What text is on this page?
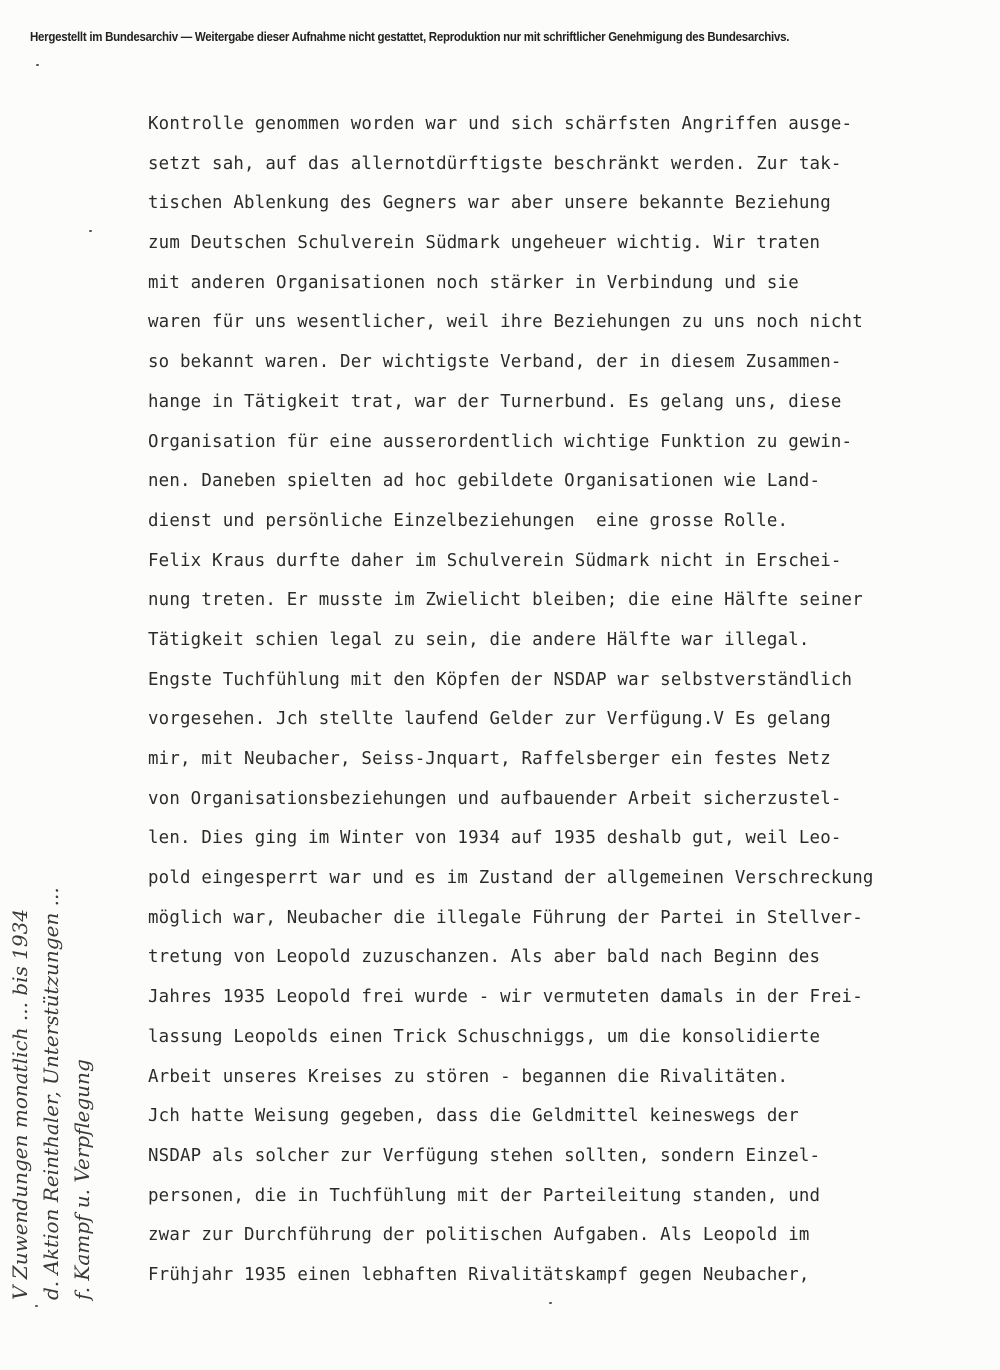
Hergestellt im Bundesarchiv — Weitergabe dieser Aufnahme nicht gestattet, Reproduktion nur mit schriftlicher Genehmigung des Bundesarchivs.
Kontrolle genommen worden war und sich schärfsten Angriffen ausge-
setzt sah, auf das allernotdürftigste beschränkt werden. Zur tak-
tischen Ablenkung des Gegners war aber unsere bekannte Beziehung
zum Deutschen Schulverein Südmark ungeheuer wichtig. Wir traten
mit anderen Organisationen noch stärker in Verbindung und sie
waren für uns wesentlicher, weil ihre Beziehungen zu uns noch nicht
so bekannt waren. Der wichtigste Verband, der in diesem Zusammen-
hange in Tätigkeit trat, war der Turnerbund. Es gelang uns, diese
Organisation für eine ausserordentlich wichtige Funktion zu gewin-
nen. Daneben spielten ad hoc gebildete Organisationen wie Land-
dienst und persönliche Einzelbeziehungen  eine grosse Rolle.
Felix Kraus durfte daher im Schulverein Südmark nicht in Erschei-
nung treten. Er musste im Zwielicht bleiben; die eine Hälfte seiner
Tätigkeit schien legal zu sein, die andere Hälfte war illegal.
Engste Tuchfühlung mit den Köpfen der NSDAP war selbstverständlich
vorgesehen. Jch stellte laufend Gelder zur Verfügung.V Es gelang
mir, mit Neubacher, Seiss-Jnquart, Raffelsberger ein festes Netz
von Organisationsbeziehungen und aufbauender Arbeit sicherzustel-
len. Dies ging im Winter von 1934 auf 1935 deshalb gut, weil Leo-
pold eingesperrt war und es im Zustand der allgemeinen Verschreckung
möglich war, Neubacher die illegale Führung der Partei in Stellver-
tretung von Leopold zuzuschanzen. Als aber bald nach Beginn des
Jahres 1935 Leopold frei wurde - wir vermuteten damals in der Frei-
lassung Leopolds einen Trick Schuschniggs, um die konsolidierte
Arbeit unseres Kreises zu stören - begannen die Rivalitäten.
Jch hatte Weisung gegeben, dass die Geldmittel keineswegs der
NSDAP als solcher zur Verfügung stehen sollten, sondern Einzel-
personen, die in Tuchfühlung mit der Parteileitung standen, und
zwar zur Durchführung der politischen Aufgaben. Als Leopold im
Frühjahr 1935 einen lebhaften Rivalitätskampf gegen Neubacher,
V Zuwendungen monatlich ... bis 1934 d. Aktion Reinthaler, Unterstützungen ... f. Kampf u. Verpflegung
